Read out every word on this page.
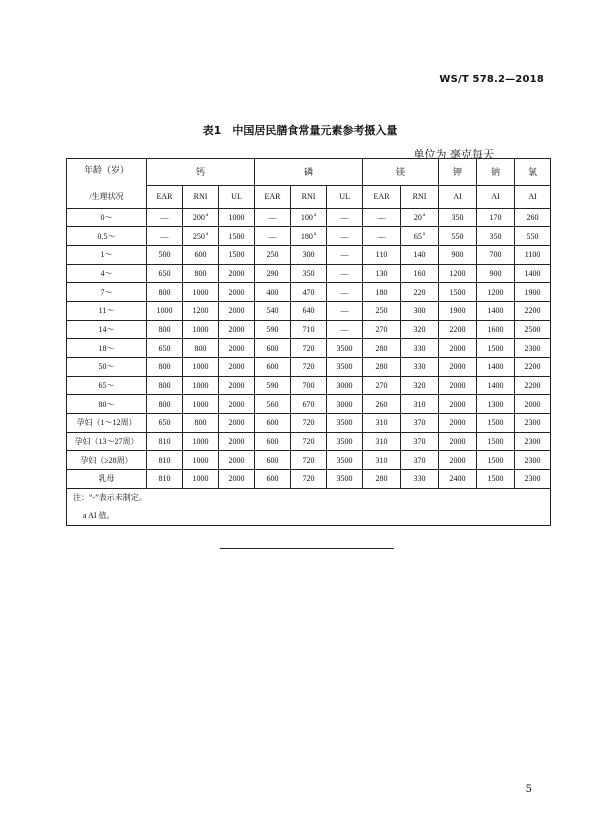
WS/T 578.2—2018
表1　中国居民膳食常量元素参考摄入量
单位为 毫克每天
年龄（岁）	钙			磷			镁		钾	钠	氯
/生理状况	EAR	RNI	UL	EAR	RNI	UL	EAR	RNI	AI	AI	AI
0～	—	200$^a$	1000	—	100$^a$	—	—	20$^a$	350	170	260
0.5～	—	250$^a$	1500	—	180$^a$	—	—	65$^a$	550	350	550
1～	500	600	1500	250	300	—	110	140	900	700	1100
4～	650	800	2000	290	350	—	130	160	1200	900	1400
7～	800	1000	2000	400	470	—	180	220	1500	1200	1900
11～	1000	1200	2000	540	640	—	250	300	1900	1400	2200
14～	800	1000	2000	590	710	—	270	320	2200	1600	2500
18～	650	800	2000	600	720	3500	280	330	2000	1500	2300
50～	800	1000	2000	600	720	3500	280	330	2000	1400	2200
65～	800	1000	2000	590	700	3000	270	320	2000	1400	2200
80～	800	1000	2000	560	670	3000	260	310	2000	1300	2000
孕妇（1～12周）	650	800	2000	600	720	3500	310	370	2000	1500	2300
孕妇（13～27周）	810	1000	2000	600	720	3500	310	370	2000	1500	2300
孕妇（≥28周）	810	1000	2000	600	720	3500	310	370	2000	1500	2300
乳母	810	1000	2000	600	720	3500	280	330	2400	1500	2300
注：“-”表示未制定。											
a AI 值。											
5
